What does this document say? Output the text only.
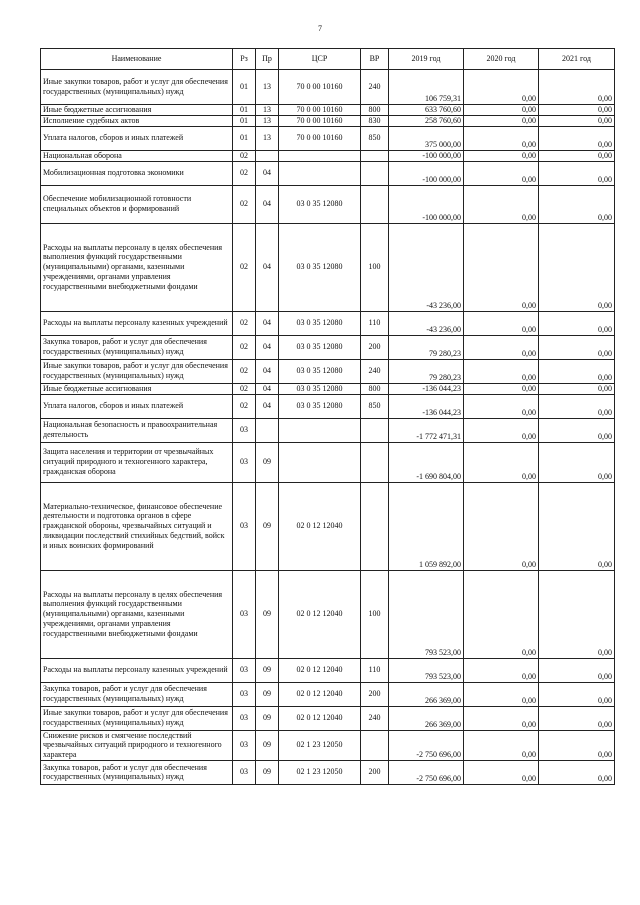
7
Наименование	Рз	Пр	ЦСР	ВР	2019 год	2020 год	2021 год
Иные закупки товаров, работ и услуг для обеспечения государственных (муниципальных) нужд	01	13	70 0 00 10160	240	106 759,31	0,00	0,00
Иные бюджетные ассигнования	01	13	70 0 00 10160	800	633 760,60	0,00	0,00
Исполнение судебных актов	01	13	70 0 00 10160	830	258 760,60	0,00	0,00
Уплата налогов, сборов и иных платежей	01	13	70 0 00 10160	850	375 000,00	0,00	0,00
Национальная оборона	02				-100 000,00	0,00	0,00
Мобилизационная подготовка экономики	02	04			-100 000,00	0,00	0,00
Обеспечение мобилизационной готовности специальных объектов и формирований	02	04	03 0 35 12080		-100 000,00	0,00	0,00
Расходы на выплаты персоналу в целях обеспечения выполнения функций государственными (муниципальными) органами, казенными учреждениями, органами управления государственными внебюджетными фондами	02	04	03 0 35 12080	100	-43 236,00	0,00	0,00
Расходы на выплаты персоналу казенных учреждений	02	04	03 0 35 12080	110	-43 236,00	0,00	0,00
Закупка товаров, работ и услуг для обеспечения государственных (муниципальных) нужд	02	04	03 0 35 12080	200	79 280,23	0,00	0,00
Иные закупки товаров, работ и услуг для обеспечения государственных (муниципальных) нужд	02	04	03 0 35 12080	240	79 280,23	0,00	0,00
Иные бюджетные ассигнования	02	04	03 0 35 12080	800	-136 044,23	0,00	0,00
Уплата налогов, сборов и иных платежей	02	04	03 0 35 12080	850	-136 044,23	0,00	0,00
Национальная безопасность и правоохранительная деятельность	03				-1 772 471,31	0,00	0,00
Защита населения и территории от чрезвычайных ситуаций природного и техногенного характера, гражданская оборона	03	09			-1 690 804,00	0,00	0,00
Материально-техническое, финансовое обеспечение деятельности и подготовка органов в сфере гражданской обороны, чрезвычайных ситуаций и ликвидации последствий стихийных бедствий, войск и иных воинских формирований	03	09	02 0 12 12040		1 059 892,00	0,00	0,00
Расходы на выплаты персоналу в целях обеспечения выполнения функций государственными (муниципальными) органами, казенными учреждениями, органами управления государственными внебюджетными фондами	03	09	02 0 12 12040	100	793 523,00	0,00	0,00
Расходы на выплаты персоналу казенных учреждений	03	09	02 0 12 12040	110	793 523,00	0,00	0,00
Закупка товаров, работ и услуг для обеспечения государственных (муниципальных) нужд	03	09	02 0 12 12040	200	266 369,00	0,00	0,00
Иные закупки товаров, работ и услуг для обеспечения государственных (муниципальных) нужд	03	09	02 0 12 12040	240	266 369,00	0,00	0,00
Снижение рисков и смягчение последствий чрезвычайных ситуаций природного и техногенного характера	03	09	02 1 23 12050		-2 750 696,00	0,00	0,00
Закупка товаров, работ и услуг для обеспечения государственных (муниципальных) нужд	03	09	02 1 23 12050	200	-2 750 696,00	0,00	0,00
